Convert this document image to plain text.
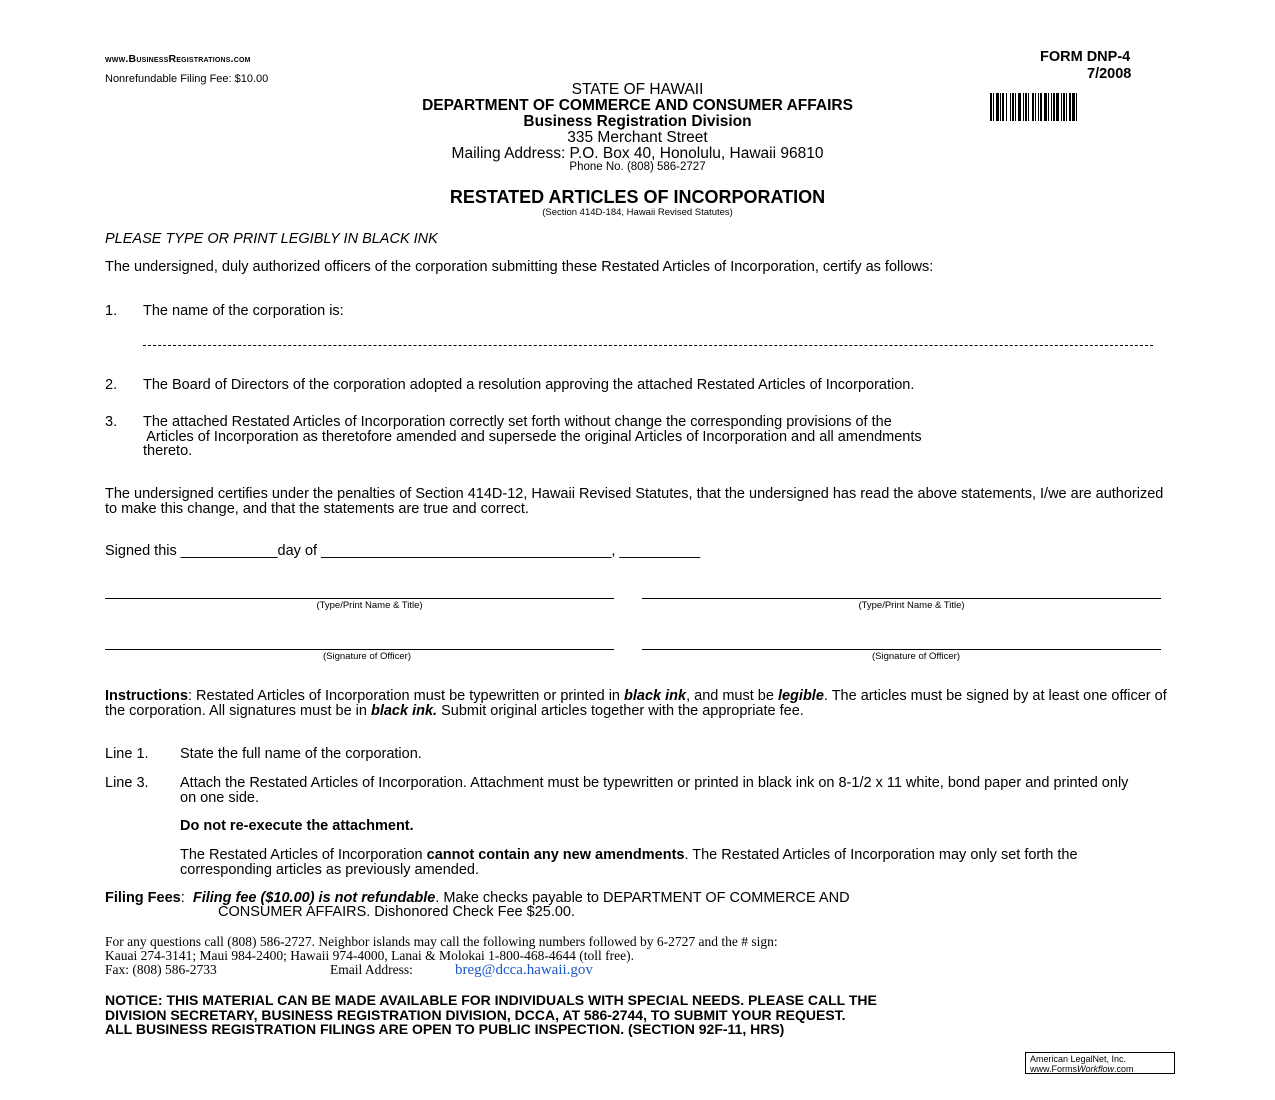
www.BusinessRegistrations.com
Nonrefundable Filing Fee: $10.00
FORM DNP-4
7/2008
STATE OF HAWAII
DEPARTMENT OF COMMERCE AND CONSUMER AFFAIRS
Business Registration Division
335 Merchant Street
Mailing Address: P.O. Box 40, Honolulu, Hawaii 96810
Phone No. (808) 586-2727
RESTATED ARTICLES OF INCORPORATION
(Section 414D-184, Hawaii Revised Statutes)
PLEASE TYPE OR PRINT LEGIBLY IN BLACK INK
The undersigned, duly authorized officers of the corporation submitting these Restated Articles of Incorporation, certify as follows:
1. The name of the corporation is:
2. The Board of Directors of the corporation adopted a resolution approving the attached Restated Articles of Incorporation.
3. The attached Restated Articles of Incorporation correctly set forth without change the corresponding provisions of the
Articles of Incorporation as theretofore amended and supersede the original Articles of Incorporation and all amendments
thereto.
The undersigned certifies under the penalties of Section 414D-12, Hawaii Revised Statutes, that the undersigned has read the above statements, I/we are authorized to make this change, and that the statements are true and correct.
Signed this ____________day of ____________________________________, __________
(Type/Print Name & Title)	(Type/Print Name & Title)
(Signature of Officer)	(Signature of Officer)
Instructions: Restated Articles of Incorporation must be typewritten or printed in black ink, and must be legible. The articles must be signed by at least one officer of the corporation. All signatures must be in black ink. Submit original articles together with the appropriate fee.
Line 1. State the full name of the corporation.
Line 3. Attach the Restated Articles of Incorporation. Attachment must be typewritten or printed in black ink on 8-1/2 x 11 white, bond paper and printed only on one side.
Do not re-execute the attachment.
The Restated Articles of Incorporation cannot contain any new amendments. The Restated Articles of Incorporation may only set forth the corresponding articles as previously amended.
Filing Fees:  Filing fee ($10.00) is not refundable. Make checks payable to DEPARTMENT OF COMMERCE AND
CONSUMER AFFAIRS. Dishonored Check Fee $25.00.
For any questions call (808) 586-2727. Neighbor islands may call the following numbers followed by 6-2727 and the # sign:
Kauai 274-3141; Maui 984-2400; Hawaii 974-4000, Lanai & Molokai 1-800-468-4644 (toll free).
Fax: (808) 586-2733	Email Address:	breg@dcca.hawaii.gov
NOTICE: THIS MATERIAL CAN BE MADE AVAILABLE FOR INDIVIDUALS WITH SPECIAL NEEDS. PLEASE CALL THE
DIVISION SECRETARY, BUSINESS REGISTRATION DIVISION, DCCA, AT 586-2744, TO SUBMIT YOUR REQUEST.
ALL BUSINESS REGISTRATION FILINGS ARE OPEN TO PUBLIC INSPECTION. (SECTION 92F-11, HRS)
American LegalNet, Inc.
www.FormsWorkflow.com
